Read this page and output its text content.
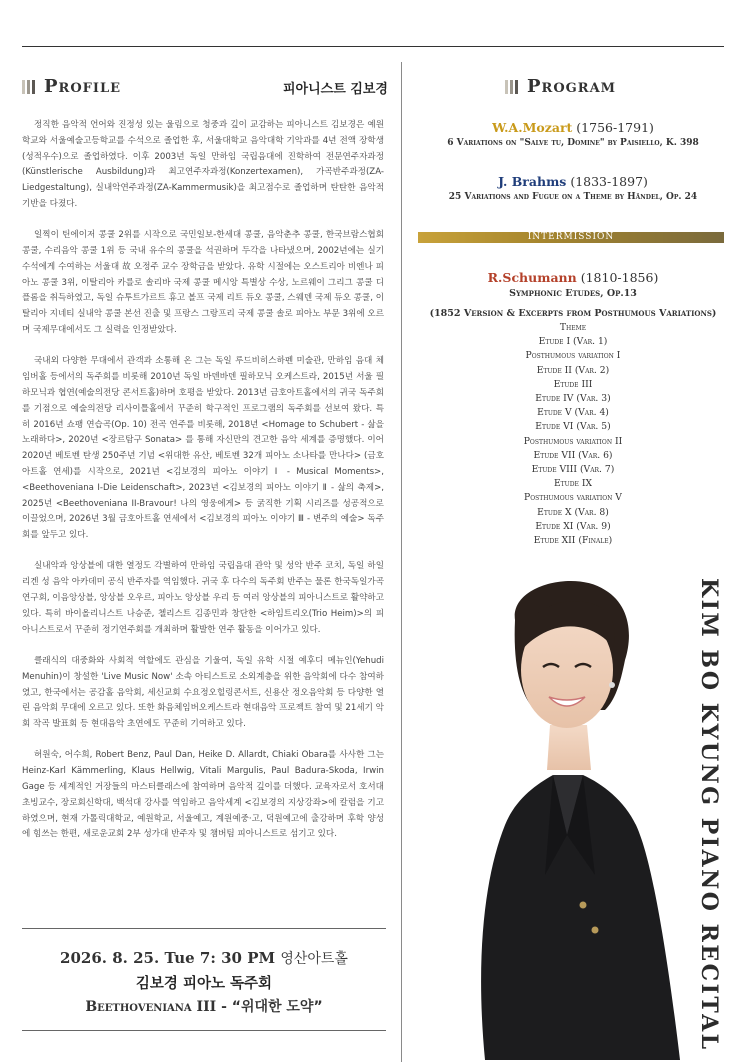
Profile	피아니스트 김보경

정직한 음악적 언어와 진정성 있는 울림으로 청중과 깊이 교감하는 피아니스트 김보경은 예원학교와 서울예술고등학교를 수석으로 졸업한 후, 서울대학교 음악대학 기악과를 4년 전액 장학생(성적우수)으로 졸업하였다. 이후 2003년 독일 만하임 국립음대에 진학하여 전문연주자과정(Künstlerische Ausbildung)과 최고연주자과정(Konzertexamen), 가곡반주과정(ZA-Liedgestaltung), 실내악연주과정(ZA-Kammermusik)을 최고점수로 졸업하며 탄탄한 음악적 기반을 다졌다.

일찍이 틴에이저 콩쿨 2위를 시작으로 국민일보-한세대 콩쿨, 음악춘추 콩쿨, 한국브람스협회 콩쿨, 수리음악 콩쿨 1위 등 국내 유수의 콩쿨을 석권하며 두각을 나타냈으며, 2002년에는 실기 수석에게 수여하는 서울대 故 오정주 교수 장학금을 받았다. 유학 시절에는 오스트리아 비엔나 피아노 콩쿨 3위, 이탈리아 카를로 솔리바 국제 콩쿨 메시앙 특별상 수상, 노르웨이 그리그 콩쿨 디플롬을 취득하였고, 독일 슈투트가르트 휴고 볼프 국제 리트 듀오 콩쿨, 스웨덴 국제 듀오 콩쿨, 이탈리아 지네티 실내악 콩쿨 본선 진출 및 프랑스 그랑프리 국제 콩쿨 솔로 피아노 부문 3위에 오르며 국제무대에서도 그 실력을 인정받았다.

국내외 다양한 무대에서 관객과 소통해 온 그는 독일 루드비히스하펜 미술관, 만하임 음대 체임버홀 등에서의 독주회를 비롯해 2010년 독일 바덴바덴 필하모닉 오케스트라, 2015년 서울 필하모닉과 협연(예술의전당 콘서트홀)하며 호평을 받았다. 2013년 금호아트홀에서의 귀국 독주회를 기점으로 예술의전당 리사이틀홀에서 꾸준히 학구적인 프로그램의 독주회를 선보여 왔다. 특히 2016년 쇼팽 연습곡(Op. 10) 전곡 연주를 비롯해, 2018년 <Homage to Schubert - 삶을 노래하다>, 2020년 <장르탐구 Sonata> 를 통해 자신만의 견고한 음악 세계를 증명했다. 이어 2020년 베토벤 탄생 250주년 기념 <위대한 유산, 베토벤 32개 피아노 소나타를 만나다> (금호아트홀 연세)를 시작으로, 2021년 <김보경의 피아노 이야기 Ⅰ - Musical Moments>, <Beethoveniana I-Die Leidenschaft>, 2023년 <김보경의 피아노 이야기 Ⅱ - 삶의 축제>, 2025년 <Beethoveniana II-Bravour! 나의 영웅에게> 등 굵직한 기획 시리즈를 성공적으로 이끌었으며, 2026년 3월 금호아트홀 연세에서 <김보경의 피아노 이야기 Ⅲ - 변주의 예술> 독주회를 앞두고 있다.

실내악과 앙상블에 대한 열정도 각별하여 만하임 국립음대 관악 및 성악 반주 코치, 독일 하일리겐 성 음악 아카데미 공식 반주자를 역임했다. 귀국 후 다수의 독주회 반주는 물론 한국독일가곡연구회, 이음앙상블, 앙상블 오우르, 피아노 앙상블 우리 등 여러 앙상블의 피아니스트로 활약하고 있다. 특히 바이올리니스트 나승준, 첼리스트 김종민과 창단한 <하임트리오(Trio Heim)>의 피아니스트로서 꾸준히 정기연주회를 개최하며 활발한 연주 활동을 이어가고 있다.

클래식의 대중화와 사회적 역할에도 관심을 기울여, 독일 유학 시절 예후디 메뉴인(Yehudi Menuhin)이 창설한 'Live Music Now' 소속 아티스트로 소외계층을 위한 음악회에 다수 참여하였고, 한국에서는 공감홀 음악회, 세신교회 수요정오힐링콘서트, 신용산 정오음악회 등 다양한 열린 음악회 무대에 오르고 있다. 또한 화음체임버오케스트라 현대음악 프로젝트 참여 및 21세기 악회 작곡 발표회 등 현대음악 초연에도 꾸준히 기여하고 있다.

허원숙, 어수희, Robert Benz, Paul Dan, Heike D. Allardt, Chiaki Obara를 사사한 그는 Heinz-Karl Kämmerling, Klaus Hellwig, Vitali Margulis, Paul Badura-Skoda, Irwin Gage 등 세계적인 거장들의 마스터클래스에 참여하며 음악적 깊이를 더했다. 교육자로서 호서대 초빙교수, 장로회신학대, 백석대 강사를 역임하고 음악세계 <김보경의 지상강좌>에 칼럼을 기고하였으며, 현재 가톨릭대학교, 예원학교, 서울예고, 계원예중·고, 덕원예고에 출강하며 후학 양성에 힘쓰는 한편, 새로운교회 2부 성가대 반주자 및 챔버팀 피아니스트로 섬기고 있다.

2026. 8. 25. Tue 7: 30 PM 영산아트홀
김보경 피아노 독주회
Beethoveniana III - “위대한 도약”
Program
W.A.Mozart (1756-1791)
6 Variations on "Salve tu, Domine" by Paisiello, K. 398
J. Brahms (1833-1897)
25 Variations and Fugue on a Theme by Händel, Op. 24
INTERMISSION
R.Schumann (1810-1856)
Symphonic Etudes, Op.13
(1852 Version & Excerpts from Posthumous Variations)
Theme
Etude I (Var. 1)
Posthumous variation I
Etude II (Var. 2)
Etude III
Etude IV (Var. 3)
Etude V (Var. 4)
Etude VI (Var. 5)
Posthumous variation II
Etude VII (Var. 6)
Etude VIII (Var. 7)
Etude IX
Posthumous variation V
Etude X (Var. 8)
Etude XI (Var. 9)
Etude XII (Finale)
KIM BO KYUNG PIANO RECITAL
